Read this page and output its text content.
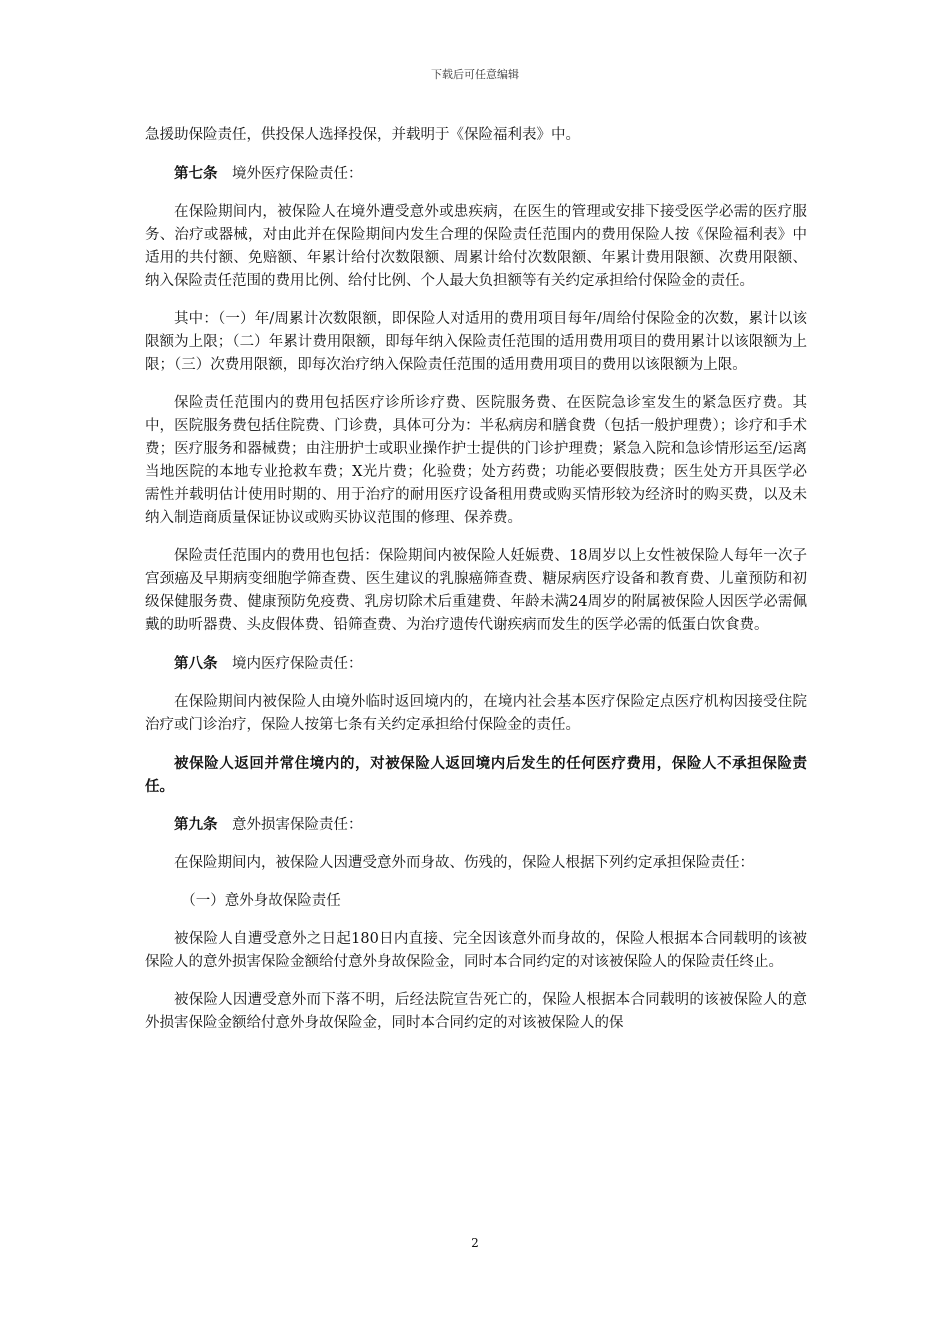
下载后可任意编辑

急援助保险责任，供投保人选择投保，并载明于《保险福利表》中。

第七条 境外医疗保险责任：

在保险期间内，被保险人在境外遭受意外或患疾病，在医生的管理或安排下接受医学必需的医疗服务、治疗或器械，对由此并在保险期间内发生合理的保险责任范围内的费用保险人按《保险福利表》中适用的共付额、免赔额、年累计给付次数限额、周累计给付次数限额、年累计费用限额、次费用限额、纳入保险责任范围的费用比例、给付比例、个人最大负担额等有关约定承担给付保险金的责任。

其中：（一）年/周累计次数限额，即保险人对适用的费用项目每年/周给付保险金的次数，累计以该限额为上限；（二）年累计费用限额，即每年纳入保险责任范围的适用费用项目的费用累计以该限额为上限；（三）次费用限额，即每次治疗纳入保险责任范围的适用费用项目的费用以该限额为上限。

保险责任范围内的费用包括医疗诊所诊疗费、医院服务费、在医院急诊室发生的紧急医疗费。其中，医院服务费包括住院费、门诊费，具体可分为：半私病房和膳食费（包括一般护理费）；诊疗和手术费；医疗服务和器械费；由注册护士或职业操作护士提供的门诊护理费；紧急入院和急诊情形运至/运离当地医院的本地专业抢救车费；X光片费；化验费；处方药费；功能必要假肢费；医生处方开具医学必需性并载明估计使用时期的、用于治疗的耐用医疗设备租用费或购买情形较为经济时的购买费，以及未纳入制造商质量保证协议或购买协议范围的修理、保养费。

保险责任范围内的费用也包括：保险期间内被保险人妊娠费、18周岁以上女性被保险人每年一次子宫颈癌及早期病变细胞学筛查费、医生建议的乳腺癌筛查费、糖尿病医疗设备和教育费、儿童预防和初级保健服务费、健康预防免疫费、乳房切除术后重建费、年龄未满24周岁的附属被保险人因医学必需佩戴的助听器费、头皮假体费、铅筛查费、为治疗遗传代谢疾病而发生的医学必需的低蛋白饮食费。

第八条 境内医疗保险责任：

在保险期间内被保险人由境外临时返回境内的，在境内社会基本医疗保险定点医疗机构因接受住院治疗或门诊治疗，保险人按第七条有关约定承担给付保险金的责任。

被保险人返回并常住境内的，对被保险人返回境内后发生的任何医疗费用，保险人不承担保险责任。

第九条 意外损害保险责任：

在保险期间内，被保险人因遭受意外而身故、伤残的，保险人根据下列约定承担保险责任：

（一）意外身故保险责任

被保险人自遭受意外之日起180日内直接、完全因该意外而身故的，保险人根据本合同载明的该被保险人的意外损害保险金额给付意外身故保险金，同时本合同约定的对该被保险人的保险责任终止。

被保险人因遭受意外而下落不明，后经法院宣告死亡的，保险人根据本合同载明的该被保险人的意外损害保险金额给付意外身故保险金，同时本合同约定的对该被保险人的保

2
